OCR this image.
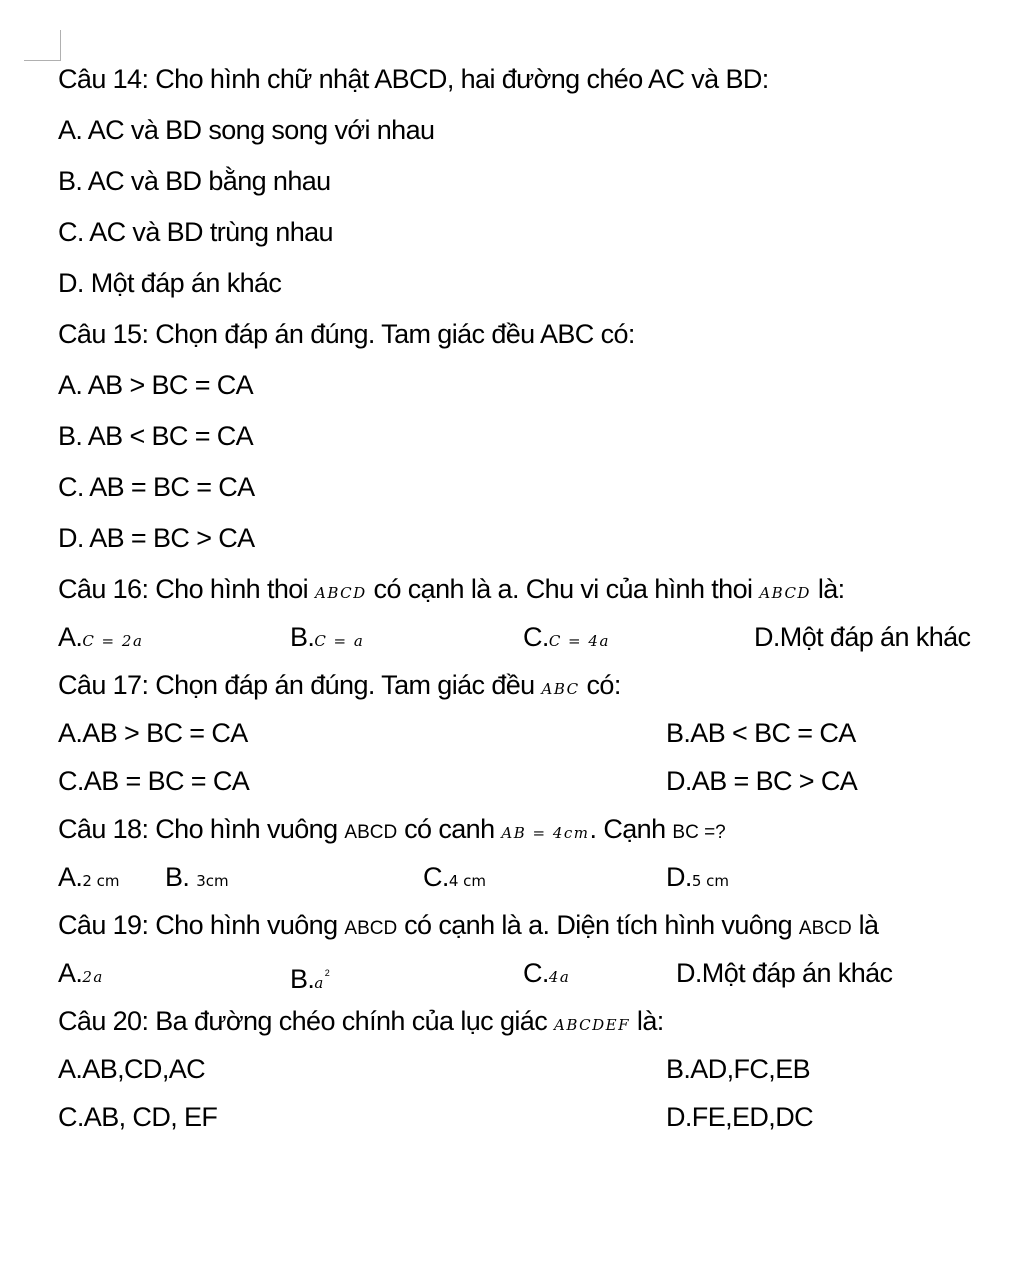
Câu 14: Cho hình chữ nhật ABCD, hai đường chéo AC và BD:
A. AC và BD song song với nhau
B. AC và BD bằng nhau
C. AC và BD trùng nhau
D. Một đáp án khác
Câu 15: Chọn đáp án đúng. Tam giác đều ABC có:
A. AB > BC = CA
B. AB < BC = CA
C. AB = BC = CA
D. AB = BC > CA
Câu 16: Cho hình thoi ABCD có cạnh là a. Chu vi của hình thoi ABCD là:
A.C = 2a	B.C = a	C.C = 4a	D.Một đáp án khác
Câu 17: Chọn đáp án đúng. Tam giác đều ABC có:
A.AB > BC = CA	B.AB < BC = CA
C.AB = BC = CA	D.AB = BC > CA
Câu 18: Cho hình vuông ABCD có canh AB = 4cm. Cạnh BC =?
A.2 cm B. 3cm	C.4 cm	D.5 cm
Câu 19: Cho hình vuông ABCD có cạnh là a. Diện tích hình vuông ABCD là
A.2a	$B.a^2$	C.4a	D.Một đáp án khác
Câu 20: Ba đường chéo chính của lục giác ABCDEF là:
A.AB,CD,AC	B.AD,FC,EB
C.AB, CD, EF	D.FE,ED,DC
